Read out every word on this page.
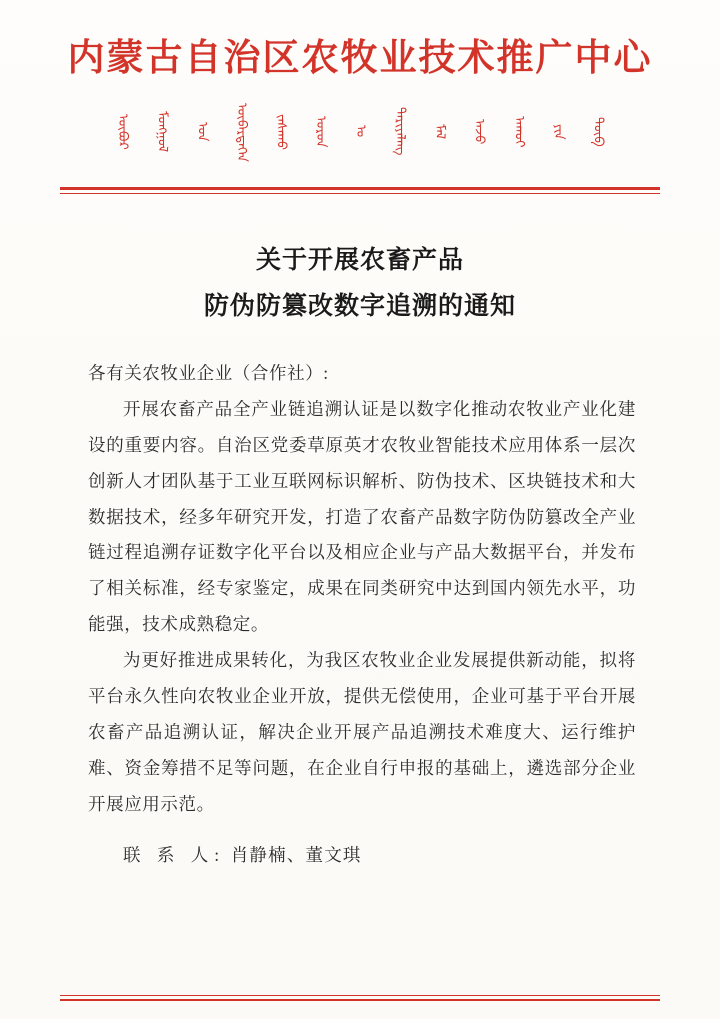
内蒙古自治区农牧业技术推广中心
ᠦᠪᠦᠷ ᠮᠣᠩᠭᠤᠯ ᠤᠨ ᠥᠪᠡᠷᠲᠡᠭᠡᠨ ᠵᠠᠰᠠᠬᠤ ᠣᠷᠣᠨ ᠤ ᠲᠠᠷᠢᠶᠠᠯᠠᠩ ᠮᠠᠯ ᠠᠵᠤ ᠠᠬᠤᠢ ᠶᠢᠨ ᠲᠦᠪ
关于开展农畜产品
防伪防篡改数字追溯的通知

各有关农牧业企业（合作社）:

开展农畜产品全产业链追溯认证是以数字化推动农牧业产业化建设的重要内容。自治区党委草原英才农牧业智能技术应用体系一层次创新人才团队基于工业互联网标识解析、防伪技术、区块链技术和大数据技术，经多年研究开发，打造了农畜产品数字防伪防篡改全产业链过程追溯存证数字化平台以及相应企业与产品大数据平台，并发布了相关标准，经专家鉴定，成果在同类研究中达到国内领先水平，功能强，技术成熟稳定。

为更好推进成果转化，为我区农牧业企业发展提供新动能，拟将平台永久性向农牧业企业开放，提供无偿使用，企业可基于平台开展农畜产品追溯认证，解决企业开展产品追溯技术难度大、运行维护难、资金筹措不足等问题，在企业自行申报的基础上，遴选部分企业开展应用示范。

联 系 人: 肖静楠、董文琪
